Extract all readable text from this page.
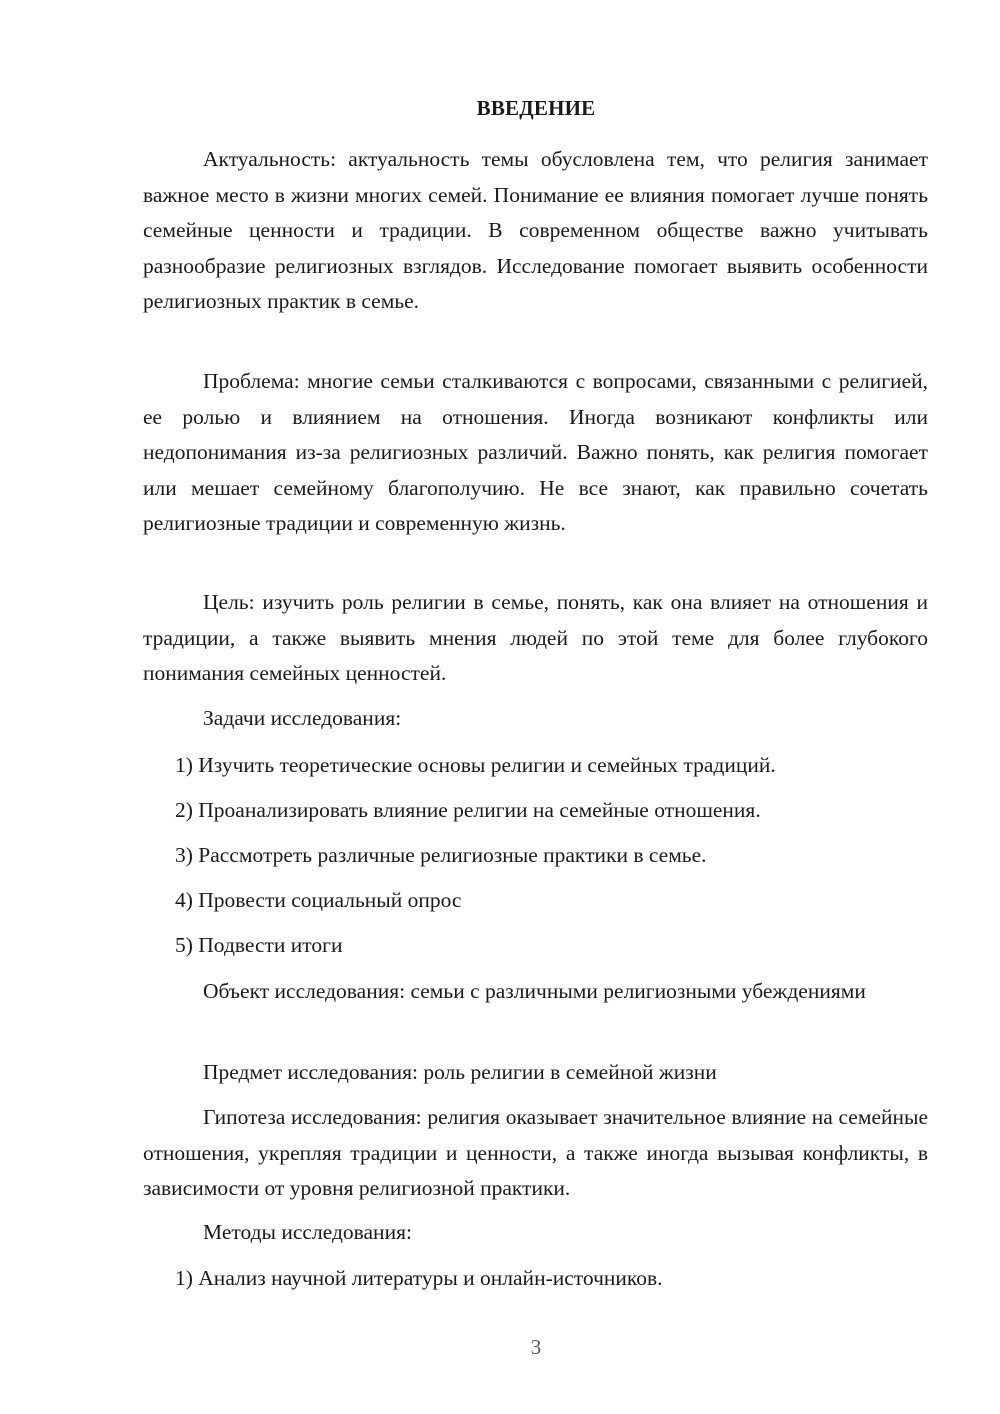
ВВЕДЕНИЕ

Актуальность: актуальность темы обусловлена тем, что религия занимает важное место в жизни многих семей. Понимание ее влияния помогает лучше понять семейные ценности и традиции. В современном обществе важно учитывать разнообразие религиозных взглядов. Исследование помогает выявить особенности религиозных практик в семье.

Проблема: многие семьи сталкиваются с вопросами, связанными с религией, ее ролью и влиянием на отношения. Иногда возникают конфликты или недопонимания из-за религиозных различий. Важно понять, как религия помогает или мешает семейному благополучию. Не все знают, как правильно сочетать религиозные традиции и современную жизнь.

Цель: изучить роль религии в семье, понять, как она влияет на отношения и традиции, а также выявить мнения людей по этой теме для более глубокого понимания семейных ценностей.

Задачи исследования:
1) Изучить теоретические основы религии и семейных традиций.
2) Проанализировать влияние религии на семейные отношения.
3) Рассмотреть различные религиозные практики в семье.
4) Провести социальный опрос
5) Подвести итоги

Объект исследования: семьи с различными религиозными убеждениями

Предмет исследования: роль религии в семейной жизни

Гипотеза исследования: религия оказывает значительное влияние на семейные отношения, укрепляя традиции и ценности, а также иногда вызывая конфликты, в зависимости от уровня религиозной практики.

Методы исследования:
1) Анализ научной литературы и онлайн-источников.
3
